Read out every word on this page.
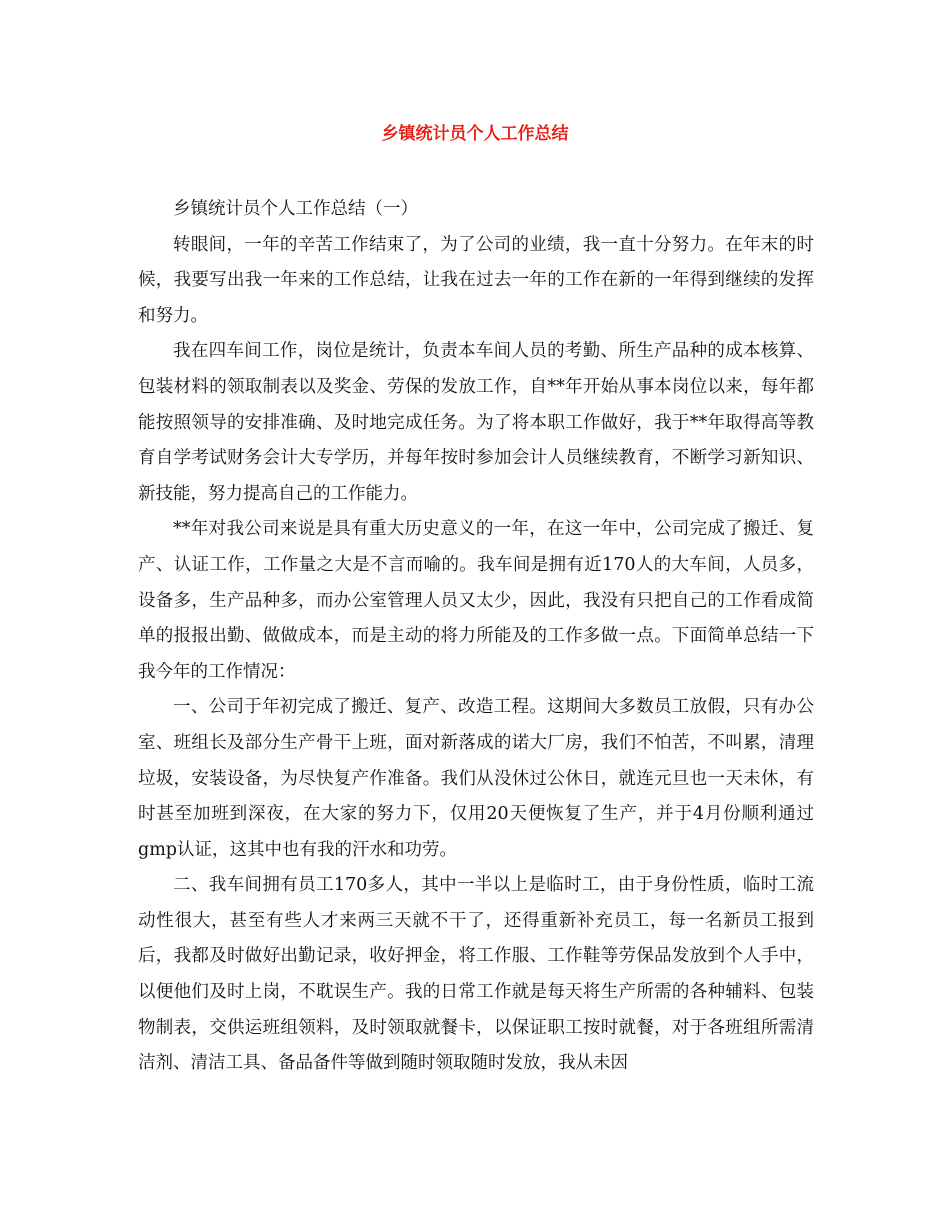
乡镇统计员个人工作总结

乡镇统计员个人工作总结（一）

转眼间，一年的辛苦工作结束了，为了公司的业绩，我一直十分努力。在年末的时候，我要写出我一年来的工作总结，让我在过去一年的工作在新的一年得到继续的发挥和努力。

我在四车间工作，岗位是统计，负责本车间人员的考勤、所生产品种的成本核算、包装材料的领取制表以及奖金、劳保的发放工作，自**年开始从事本岗位以来，每年都能按照领导的安排准确、及时地完成任务。为了将本职工作做好，我于**年取得高等教育自学考试财务会计大专学历，并每年按时参加会计人员继续教育，不断学习新知识、新技能，努力提高自己的工作能力。

**年对我公司来说是具有重大历史意义的一年，在这一年中，公司完成了搬迁、复产、认证工作，工作量之大是不言而喻的。我车间是拥有近170人的大车间，人员多，设备多，生产品种多，而办公室管理人员又太少，因此，我没有只把自己的工作看成简单的报报出勤、做做成本，而是主动的将力所能及的工作多做一点。下面简单总结一下我今年的工作情况：

一、公司于年初完成了搬迁、复产、改造工程。这期间大多数员工放假，只有办公室、班组长及部分生产骨干上班，面对新落成的诺大厂房，我们不怕苦，不叫累，清理垃圾，安装设备，为尽快复产作准备。我们从没休过公休日，就连元旦也一天未休，有时甚至加班到深夜，在大家的努力下，仅用20天便恢复了生产，并于4月份顺利通过gmp认证，这其中也有我的汗水和功劳。

二、我车间拥有员工170多人，其中一半以上是临时工，由于身份性质，临时工流动性很大，甚至有些人才来两三天就不干了，还得重新补充员工，每一名新员工报到后，我都及时做好出勤记录，收好押金，将工作服、工作鞋等劳保品发放到个人手中，以便他们及时上岗，不耽误生产。我的日常工作就是每天将生产所需的各种辅料、包装物制表，交供运班组领料，及时领取就餐卡，以保证职工按时就餐，对于各班组所需清洁剂、清洁工具、备品备件等做到随时领取随时发放，我从未因
